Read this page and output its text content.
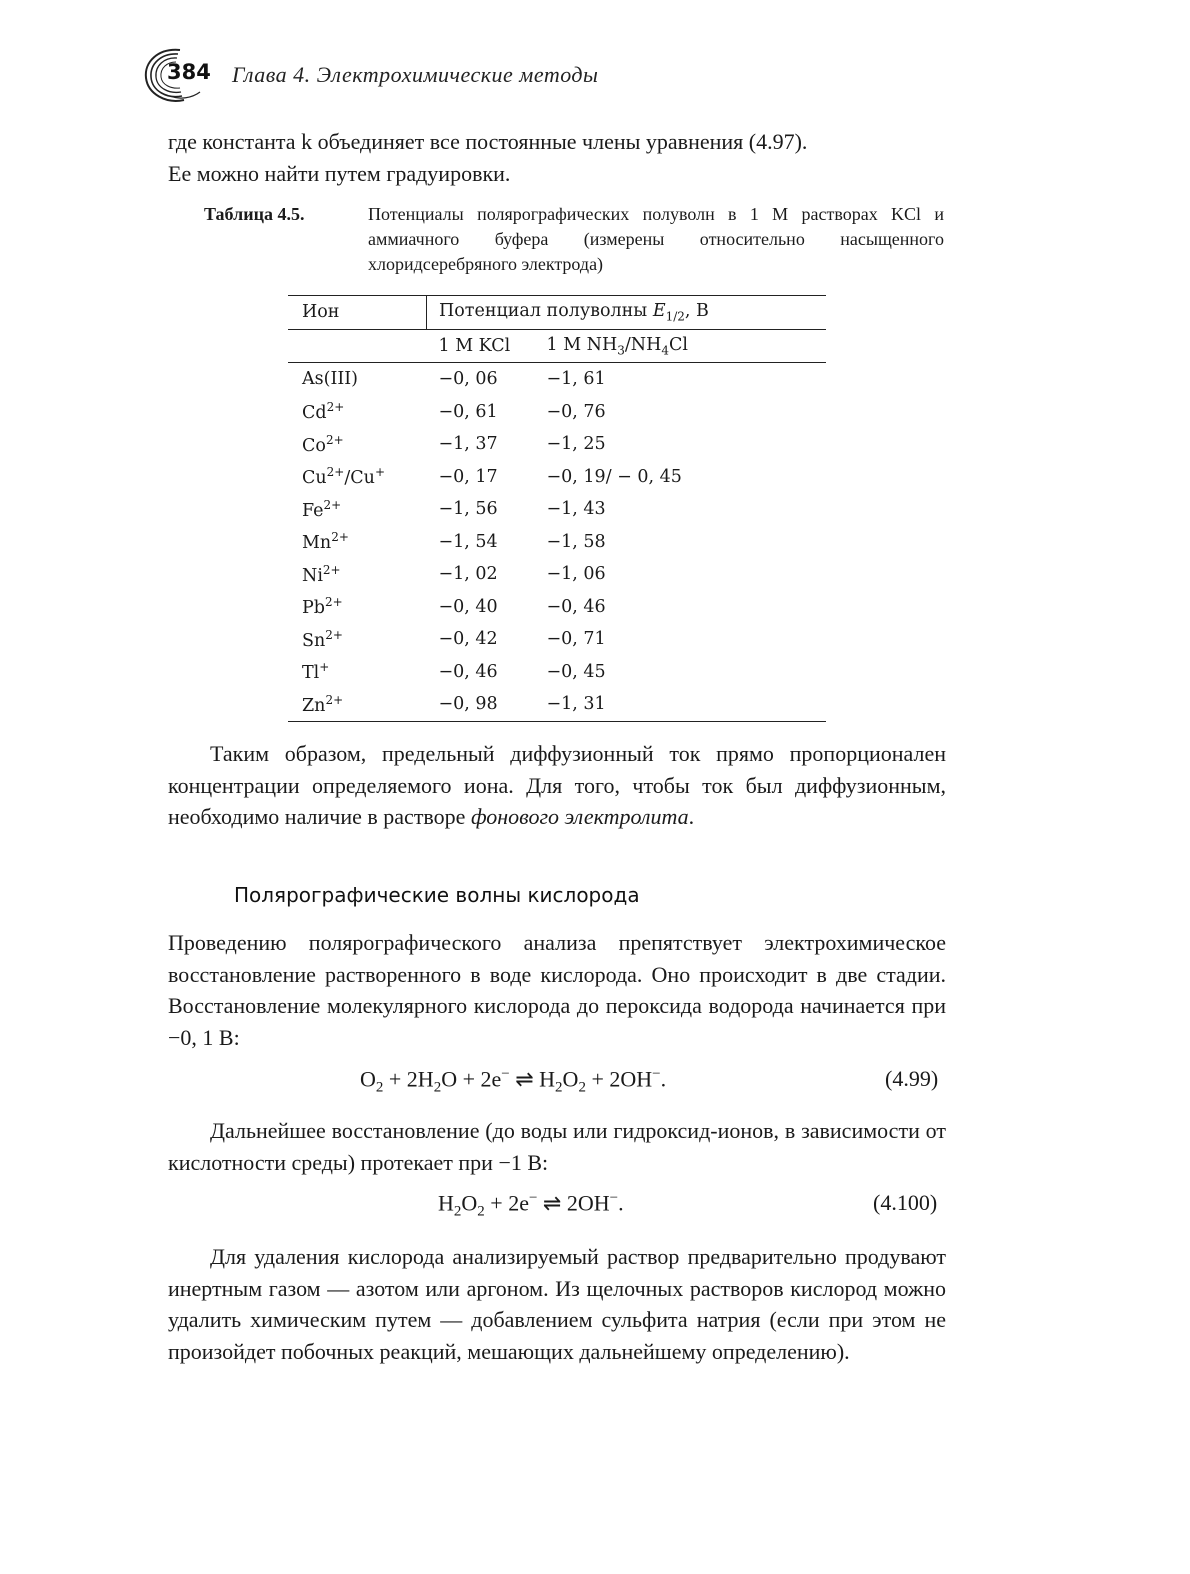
384 Глава 4. Электрохимические методы
где константа k объединяет все постоянные члены уравнения (4.97).
Ее можно найти путем градуировки.
Таблица 4.5.	Потенциалы полярографических полуволн в 1 М растворах KCl и аммиачного буфера (измерены относительно насыщенного хлоридсеребряного электрода)
Ион	Потенциал полуволны $E_{1/2}$, В	
	1 М KCl	1 М $NH_3/NH_4Cl$
As(III)	−0, 06	−1, 61
$Cd^{2+}$	−0, 61	−0, 76
$Co^{2+}$	−1, 37	−1, 25
$Cu^{2+}/Cu^+$	−0, 17	−0, 19/ − 0, 45
$Fe^{2+}$	−1, 56	−1, 43
$Mn^{2+}$	−1, 54	−1, 58
$Ni^{2+}$	−1, 02	−1, 06
$Pb^{2+}$	−0, 40	−0, 46
$Sn^{2+}$	−0, 42	−0, 71
Tl+	−0, 46	−0, 45
$Zn^{2+}$	−0, 98	−1, 31
Таким образом, предельный диффузионный ток прямо пропорционален концентрации определяемого иона. Для того, чтобы ток был диффузионным, необходимо наличие в растворе фонового электролита.
Полярографические волны кислорода
Проведению полярографического анализа препятствует электрохимическое восстановление растворенного в воде кислорода. Оно происходит в две стадии. Восстановление молекулярного кислорода до пероксида водорода начинается при −0, 1 В:
$O_2 + 2H_2O + 2e^-$ ⇌ $H_2O_2 + 2OH^-$.	(4.99)
Дальнейшее восстановление (до воды или гидроксид-ионов, в зависимости от кислотности среды) протекает при −1 В:
$H_2O_2 + 2e^-$ ⇌ 2OH−.	(4.100)
Для удаления кислорода анализируемый раствор предварительно продувают инертным газом — азотом или аргоном. Из щелочных растворов кислород можно удалить химическим путем — добавлением сульфита натрия (если при этом не произойдет побочных реакций, мешающих дальнейшему определению).
